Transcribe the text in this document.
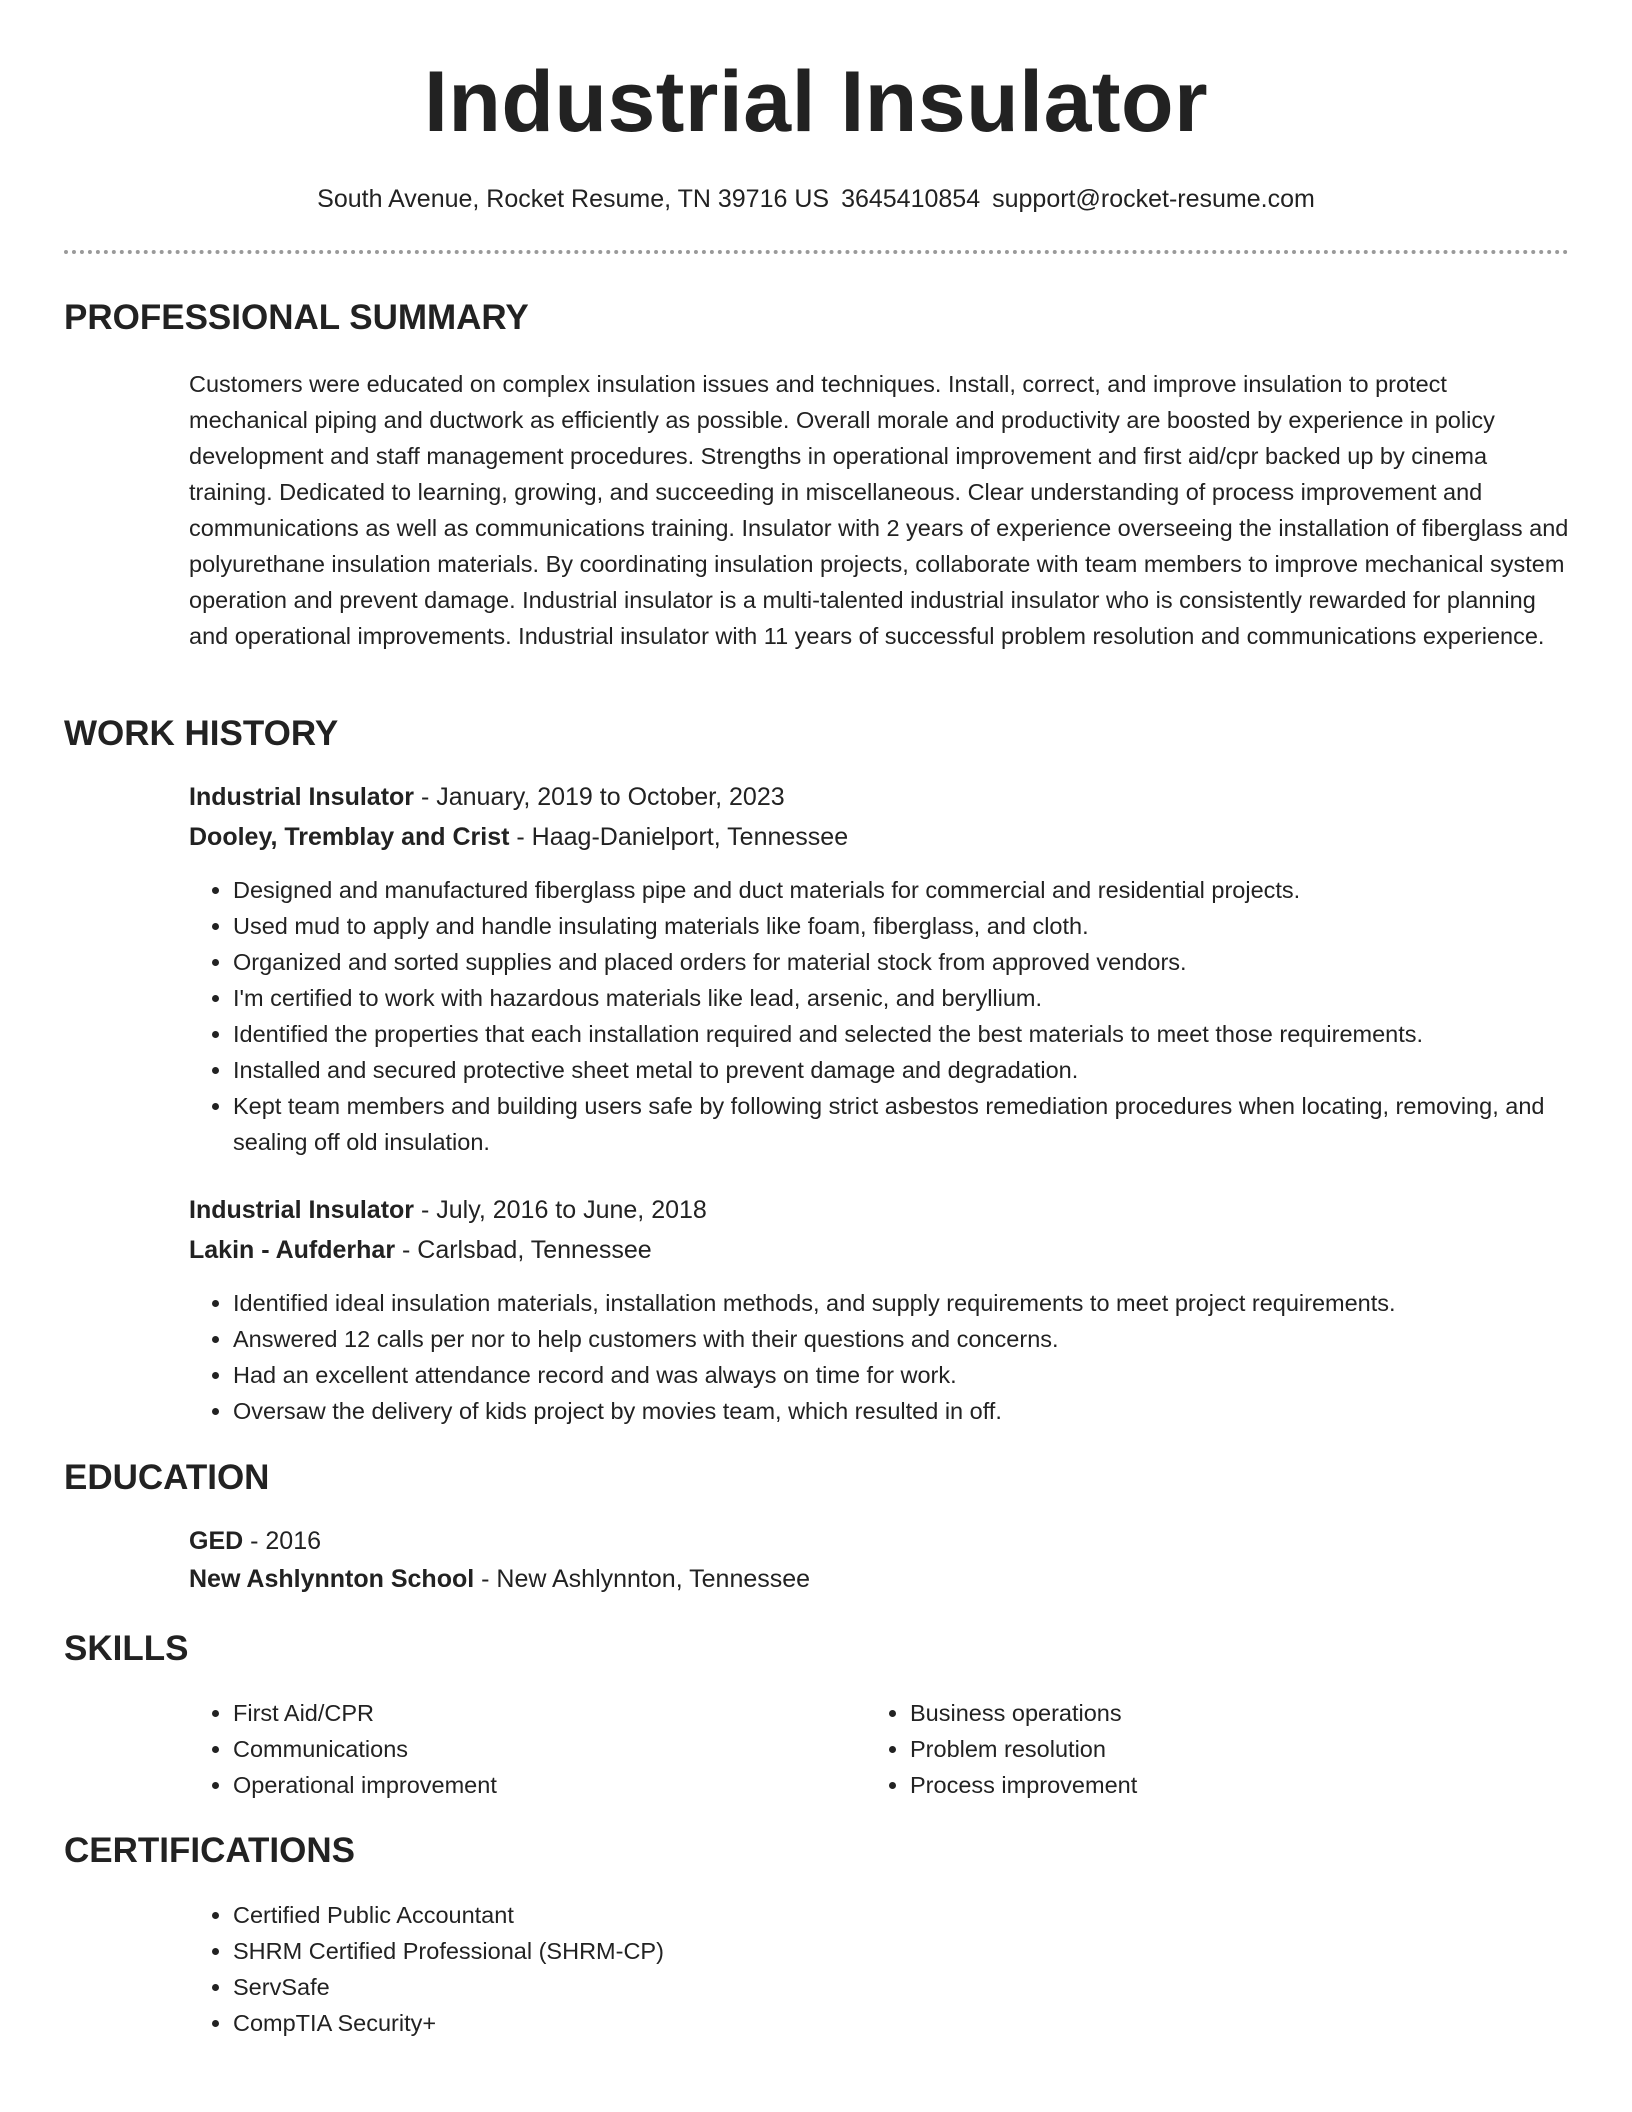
Industrial Insulator
South Avenue, Rocket Resume, TN 39716 US 3645410854 support@rocket-resume.com
PROFESSIONAL SUMMARY

Customers were educated on complex insulation issues and techniques. Install, correct, and improve insulation to protect mechanical piping and ductwork as efficiently as possible. Overall morale and productivity are boosted by experience in policy development and staff management procedures. Strengths in operational improvement and first aid/cpr backed up by cinema training. Dedicated to learning, growing, and succeeding in miscellaneous. Clear understanding of process improvement and communications as well as communications training. Insulator with 2 years of experience overseeing the installation of fiberglass and polyurethane insulation materials. By coordinating insulation projects, collaborate with team members to improve mechanical system operation and prevent damage. Industrial insulator is a multi-talented industrial insulator who is consistently rewarded for planning and operational improvements. Industrial insulator with 11 years of successful problem resolution and communications experience.

WORK HISTORY
Industrial Insulator - January, 2019 to October, 2023
Dooley, Tremblay and Crist - Haag-Danielport, Tennessee
• Designed and manufactured fiberglass pipe and duct materials for commercial and residential projects.
• Used mud to apply and handle insulating materials like foam, fiberglass, and cloth.
• Organized and sorted supplies and placed orders for material stock from approved vendors.
• I'm certified to work with hazardous materials like lead, arsenic, and beryllium.
• Identified the properties that each installation required and selected the best materials to meet those requirements.
• Installed and secured protective sheet metal to prevent damage and degradation.
• Kept team members and building users safe by following strict asbestos remediation procedures when locating, removing, and sealing off old insulation.
Industrial Insulator - July, 2016 to June, 2018
Lakin - Aufderhar - Carlsbad, Tennessee
• Identified ideal insulation materials, installation methods, and supply requirements to meet project requirements.
• Answered 12 calls per nor to help customers with their questions and concerns.
• Had an excellent attendance record and was always on time for work.
• Oversaw the delivery of kids project by movies team, which resulted in off.
EDUCATION
GED - 2016
New Ashlynnton School - New Ashlynnton, Tennessee
SKILLS
• First Aid/CPR
• Communications
• Operational improvement
• Business operations
• Problem resolution
• Process improvement
CERTIFICATIONS
• Certified Public Accountant
• SHRM Certified Professional (SHRM-CP)
• ServSafe
• CompTIA Security+
